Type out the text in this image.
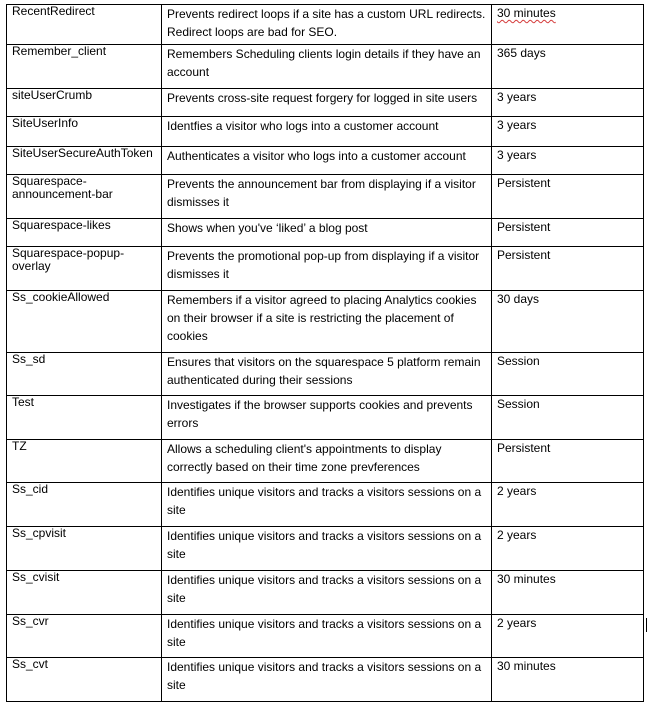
RecentRedirect	Prevents redirect loops if a site has a custom URL redirects. Redirect loops are bad for SEO.	30 minutes
Remember_client	Remembers Scheduling clients login details if they have an account	365 days
siteUserCrumb	Prevents cross-site request forgery for logged in site users	3 years
SiteUserInfo	Identfies a visitor who logs into a customer account	3 years
SiteUserSecureAuthToken	Authenticates a visitor who logs into a customer account	3 years
Squarespace-announcement-bar	Prevents the announcement bar from displaying if a visitor dismisses it	Persistent
Squarespace-likes	Shows when you've ‘liked’ a blog post	Persistent
Squarespace-popup-overlay	Prevents the promotional pop-up from displaying if a visitor dismisses it	Persistent
Ss_cookieAllowed	Remembers if a visitor agreed to placing Analytics cookies on their browser if a site is restricting the placement of cookies	30 days
Ss_sd	Ensures that visitors on the squarespace 5 platform remain authenticated during their sessions	Session
Test	Investigates if the browser supports cookies and prevents errors	Session
TZ	Allows a scheduling client's appointments to display correctly based on their time zone prevferences	Persistent
Ss_cid	Identifies unique visitors and tracks a visitors sessions on a site	2 years
Ss_cpvisit	Identifies unique visitors and tracks a visitors sessions on a site	2 years
Ss_cvisit	Identifies unique visitors and tracks a visitors sessions on a site	30 minutes
Ss_cvr	Identifies unique visitors and tracks a visitors sessions on a site	2 years
Ss_cvt	Identifies unique visitors and tracks a visitors sessions on a site	30 minutes
